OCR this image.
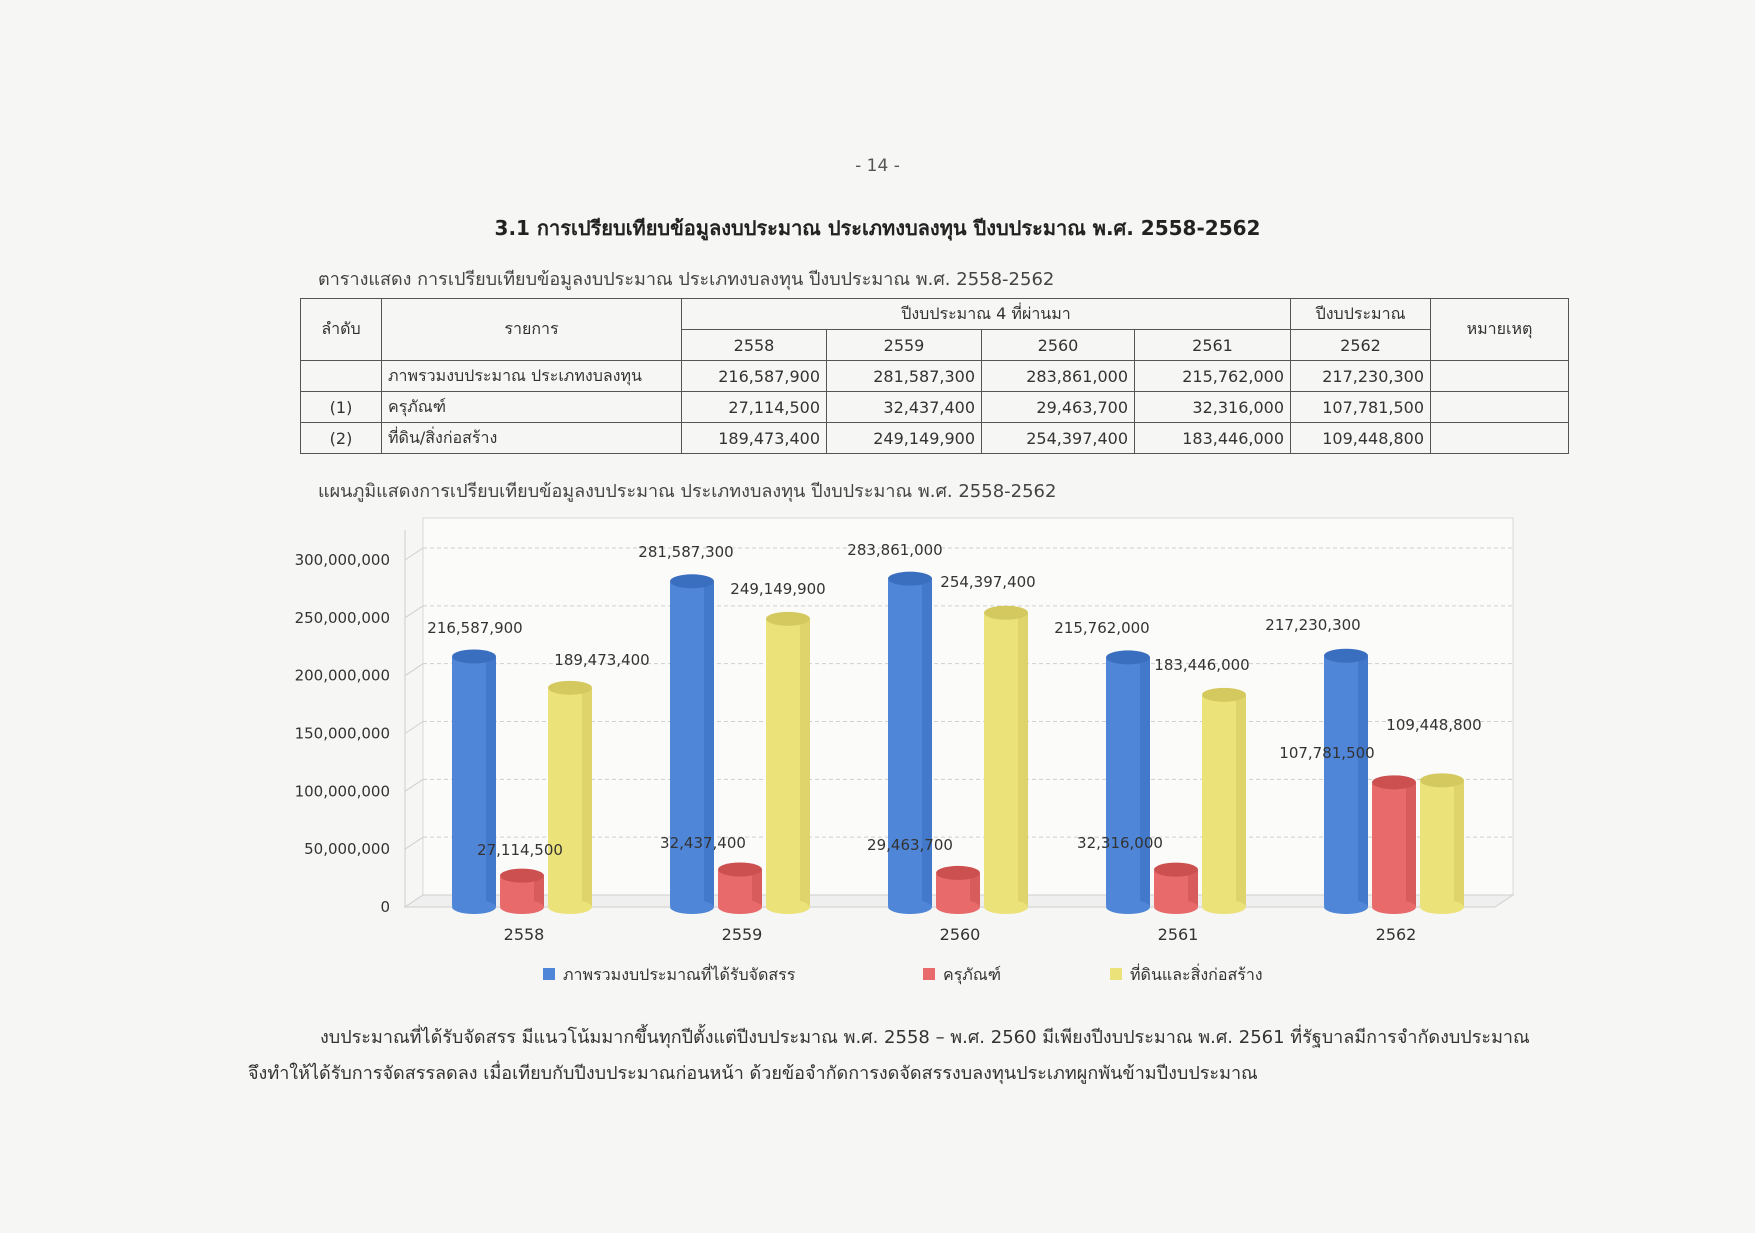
- 14 -
3.1 การเปรียบเทียบข้อมูลงบประมาณ ประเภทงบลงทุน ปีงบประมาณ พ.ศ. 2558-2562
ตารางแสดง การเปรียบเทียบข้อมูลงบประมาณ ประเภทงบลงทุน ปีงบประมาณ พ.ศ. 2558-2562
ลำดับ	รายการ	ปีงบประมาณ 4 ที่ผ่านมา				ปีงบประมาณ	หมายเหตุ
		2558	2559	2560	2561	2562	
	ภาพรวมงบประมาณ ประเภทงบลงทุน	216,587,900	281,587,300	283,861,000	215,762,000	217,230,300	
(1)	ครุภัณฑ์	27,114,500	32,437,400	29,463,700	32,316,000	107,781,500	
(2)	ที่ดิน/สิ่งก่อสร้าง	189,473,400	249,149,900	254,397,400	183,446,000	109,448,800	
แผนภูมิแสดงการเปรียบเทียบข้อมูลงบประมาณ ประเภทงบลงทุน ปีงบประมาณ พ.ศ. 2558-2562
0
50,000,000
100,000,000
150,000,000
200,000,000
250,000,000
300,000,000
2558	2559	2560	2561	2562
216,587,900
281,587,300	283,861,000
215,762,000	217,230,300
27,114,500	32,437,400	29,463,700	32,316,000
107,781,500
189,473,400
249,149,900	254,397,400
183,446,000
109,448,800
ภาพรวมงบประมาณที่ได้รับจัดสรร	ครุภัณฑ์	ที่ดินและสิ่งก่อสร้าง

งบประมาณที่ได้รับจัดสรร มีแนวโน้มมากขึ้นทุกปีตั้งแต่ปีงบประมาณ พ.ศ. 2558 – พ.ศ. 2560 มีเพียงปีงบประมาณ พ.ศ. 2561 ที่รัฐบาลมีการจำกัดงบประมาณ

จึงทำให้ได้รับการจัดสรรลดลง เมื่อเทียบกับปีงบประมาณก่อนหน้า ด้วยข้อจำกัดการงดจัดสรรงบลงทุนประเภทผูกพันข้ามปีงบประมาณ
